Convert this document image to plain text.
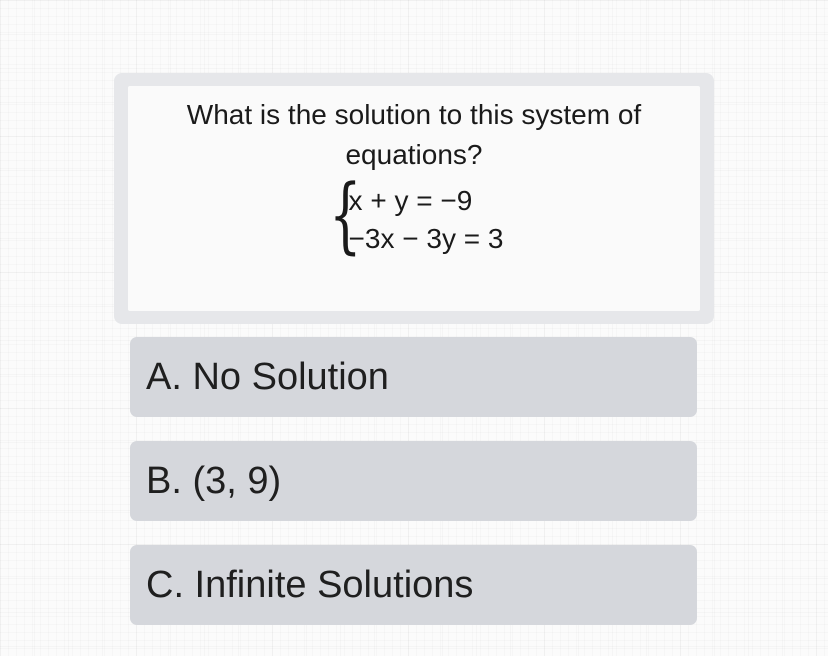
What is the solution to this system of equations?
{
x + y = −9
−3x − 3y = 3
A. No Solution
B. (3, 9)
C. Infinite Solutions
